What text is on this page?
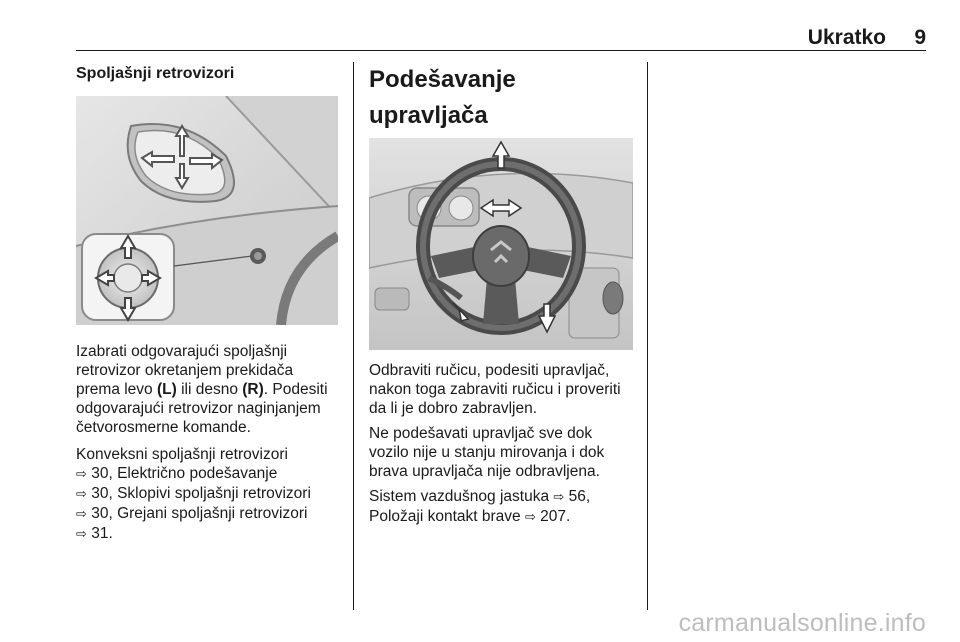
Ukratko 9
Spoljašnji retrovizori

Izabrati odgovarajući spoljašnji retrovizor okretanjem prekidača prema levo (L) ili desno (R). Podesiti odgovarajući retrovizor naginjanjem četvorosmerne komande.

Konveksni spoljašnji retrovizori
⇨ 30, Električno podešavanje
⇨ 30, Sklopivi spoljašnji retrovizori
⇨ 30, Grejani spoljašnji retrovizori
⇨ 31.

Podešavanje upravljača

Odbraviti ručicu, podesiti upravljač, nakon toga zabraviti ručicu i proveriti da li je dobro zabravljen.

Ne podešavati upravljač sve dok vozilo nije u stanju mirovanja i dok brava upravljača nije odbravljena.

Sistem vazdušnog jastuka ⇨ 56,
Položaji kontakt brave ⇨ 207.

carmanualsonline.info
